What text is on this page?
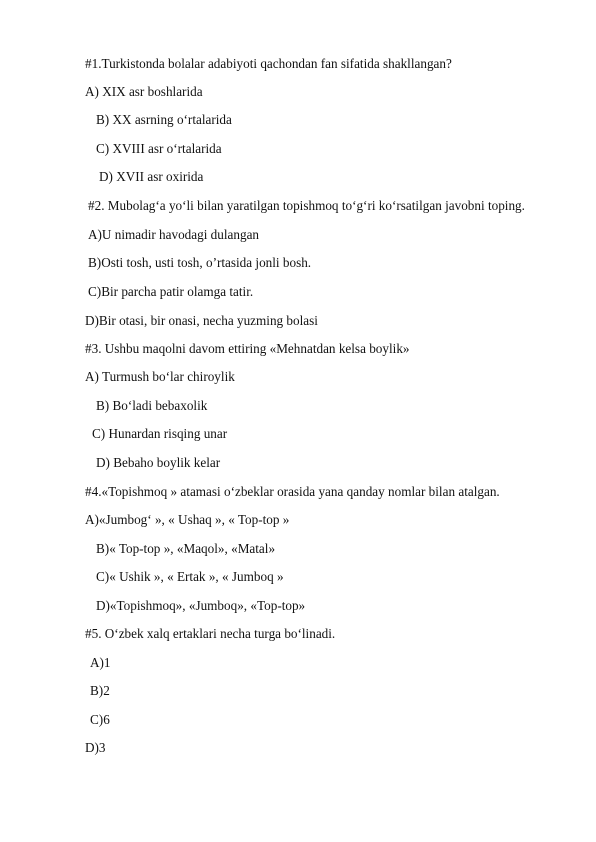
#1.Turkistonda bolalar adabiyoti qachondan fan sifatida shakllangan?
A) XIX asr boshlarida
B) XX asrning o‘rtalarida
C) XVIII asr o‘rtalarida
D) XVII asr oxirida
#2. Mubolag‘a yo‘li bilan yaratilgan topishmoq to‘g‘ri ko‘rsatilgan javobni toping.
A)U nimadir havodagi dulangan
B)Osti tosh, usti tosh, o’rtasida jonli bosh.
C)Bir parcha patir olamga tatir.
D)Bir otasi, bir onasi, necha yuzming bolasi
#3. Ushbu maqolni davom ettiring «Mehnatdan kelsa boylik»
A) Turmush bo‘lar chiroylik
B) Bo‘ladi bebaxolik
C) Hunardan risqing unar
D) Bebaho boylik kelar
#4.«Topishmoq » atamasi o‘zbeklar orasida yana qanday nomlar bilan atalgan.
A)«Jumbog‘ », « Ushaq », « Top-top »
B)« Top-top », «Maqol», «Matal»
C)« Ushik », « Ertak », « Jumboq »
D)«Topishmoq», «Jumboq», «Top-top»
#5. O‘zbek xalq ertaklari necha turga bo‘linadi.
A)1
B)2
C)6
D)3
